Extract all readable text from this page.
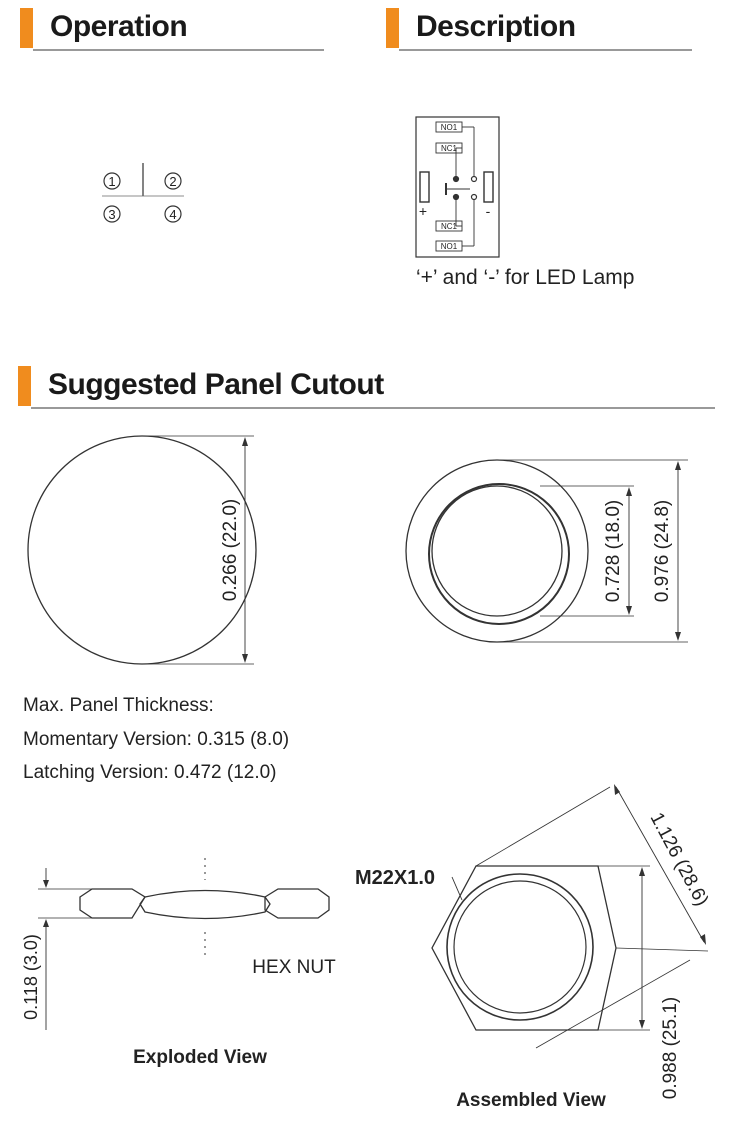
Operation	Description
Suggested Panel Cutout
1	2
3	4
NO1
NC1
NC1
NO1
+	-
0.266 (22.0)	0.728 (18.0) 0.976 (24.8)
0.118 (3.0)	HEX NUT
Exploded View
M22X1.0	1.126 (28.6)
0.988 (25.1)
Assembled View
‘+’ and ‘-’ for LED Lamp
Max. Panel Thickness:
Momentary Version: 0.315 (8.0)
Latching Version: 0.472 (12.0)
